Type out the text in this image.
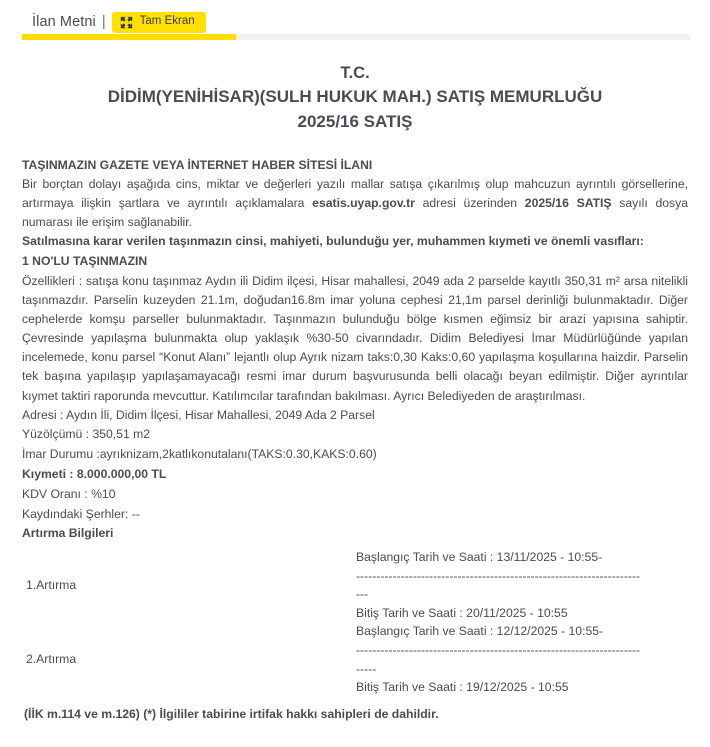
İlan Metni |	Tam Ekran
T.C.
DİDİM(YENİHİSAR)(SULH HUKUK MAH.) SATIŞ MEMURLUĞU
2025/16 SATIŞ
TAŞINMAZIN GAZETE VEYA İNTERNET HABER SİTESİ İLANI

Bir borçtan dolayı aşağıda cins, miktar ve değerleri yazılı mallar satışa çıkarılmış olup mahcuzun ayrıntılı görsellerine, artırmaya ilişkin şartlara ve ayrıntılı açıklamalara esatis.uyap.gov.tr adresi üzerinden 2025/16 SATIŞ sayılı dosya numarası ile erişim sağlanabilir.

Satılmasına karar verilen taşınmazın cinsi, mahiyeti, bulunduğu yer, muhammen kıymeti ve önemli vasıfları:
1 NO'LU TAŞINMAZIN

Özellikleri : satışa konu taşınmaz Aydın ili Didim ilçesi, Hisar mahallesi, 2049 ada 2 parselde kayıtlı 350,31 m² arsa nitelikli taşınmazdır. Parselin kuzeyden 21.1m, doğudan16.8m imar yoluna cephesi 21,1m parsel derinliği bulunmaktadır. Diğer cephelerde komşu parseller bulunmaktadır. Taşınmazın bulunduğu bölge kısmen eğimsiz bir arazi yapısına sahiptir. Çevresinde yapılaşma bulunmakta olup yaklaşık %30-50 civarındadır. Didim Belediyesi İmar Müdürlüğünde yapılan incelemede, konu parsel “Konut Alanı” lejantlı olup Ayrık nizam taks:0,30 Kaks:0,60 yapılaşma koşullarına haizdir. Parselin tek başına yapılaşıp yapılaşamayacağı resmi imar durum başvurusunda belli olacağı beyan edilmiştir. Diğer ayrıntılar kıymet taktiri raporunda mevcuttur. Katılımcılar tarafından bakılması. Ayrıcı Belediyeden de araştırılması.

Adresi : Aydın İli, Didim İlçesi, Hisar Mahallesi, 2049 Ada 2 Parsel
Yüzölçümü : 350,51 m2
İmar Durumu :ayrıknizam,2katlıkonutalanı(TAKS:0.30,KAKS:0.60)
Kıymeti : 8.000.000,00 TL
KDV Oranı : %10
Kaydındaki Şerhler: --
Artırma Bilgileri
1.Artırma	Başlangıç Tarih ve Saati : 13/11/2025 - 10:55-
----------------------------------------------------------------------
---
Bitiş Tarih ve Saati : 20/11/2025 - 10:55

2.Artırma	Başlangıç Tarih ve Saati : 12/12/2025 - 10:55-
----------------------------------------------------------------------
-----
Bitiş Tarih ve Saati : 19/12/2025 - 10:55
(İİK m.114 ve m.126) (*) İlgililer tabirine irtifak hakkı sahipleri de dahildir.
